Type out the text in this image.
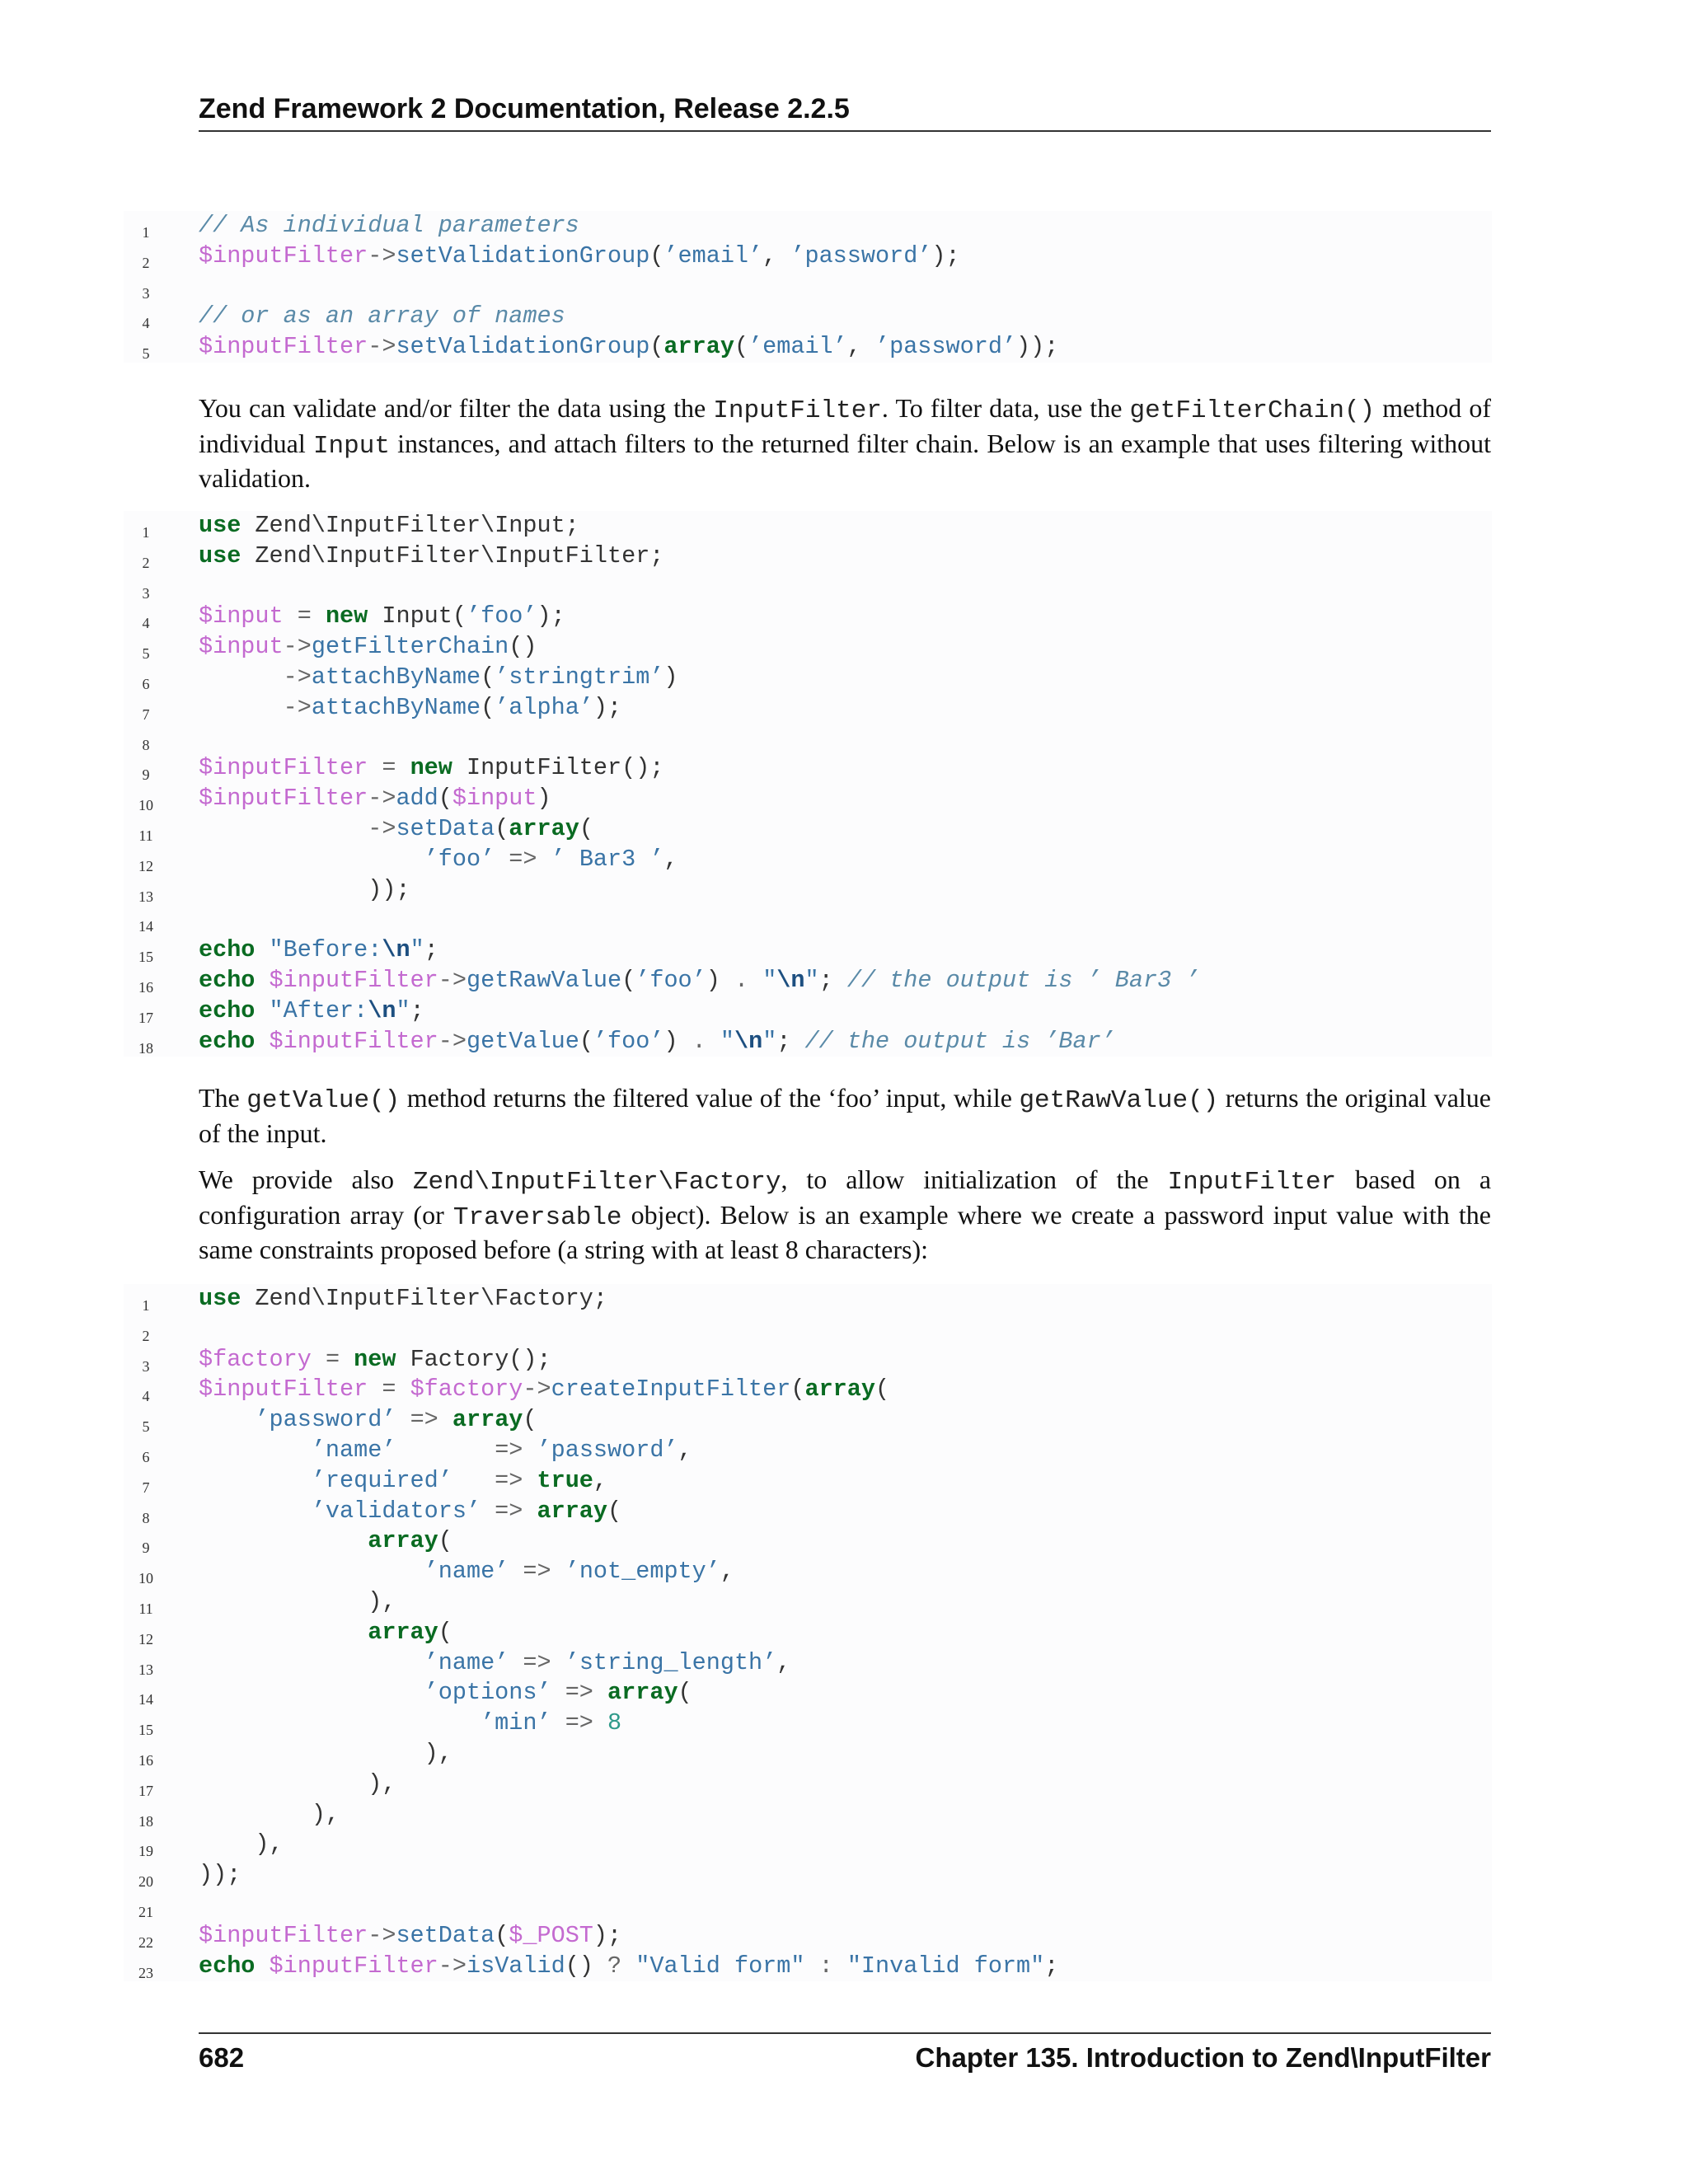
Zend Framework 2 Documentation, Release 2.2.5
1	// As individual parameters
2	$inputFilter->setValidationGroup(’email’, ’password’);
3
4	// or as an array of names
5	$inputFilter->setValidationGroup(array(’email’, ’password’));
You can validate and/or filter the data using the InputFilter. To filter data, use the getFilterChain() method of individual Input instances, and attach filters to the returned filter chain. Below is an example that uses filtering without validation.
1	use Zend\InputFilter\Input;
2	use Zend\InputFilter\InputFilter;
3
4	$input = new Input(’foo’);
5	$input->getFilterChain()
6	->attachByName(’stringtrim’)
7	->attachByName(’alpha’);
8
9	$inputFilter = new InputFilter();
10	$inputFilter->add($input)
11	->setData(array(
12	’foo’ => ’ Bar3 ’,
13	));
14
15	echo "Before:\n";
16	echo $inputFilter->getRawValue(’foo’) . "\n"; // the output is ’ Bar3 ’
17	echo "After:\n";
18	echo $inputFilter->getValue(’foo’) . "\n"; // the output is ’Bar’
The getValue() method returns the filtered value of the ‘foo’ input, while getRawValue() returns the original value of the input.
We provide also Zend\InputFilter\Factory, to allow initialization of the InputFilter based on a configuration array (or Traversable object). Below is an example where we create a password input value with the same constraints proposed before (a string with at least 8 characters):
1	use Zend\InputFilter\Factory;
2
3	$factory = new Factory();
4	$inputFilter = $factory->createInputFilter(array(
5	’password’ => array(
6	’name’	=> ’password’,
7	’required’ => true,
8	’validators’ => array(
9	array(
10	’name’ => ’not_empty’,
11	),
12	array(
13	’name’ => ’string_length’,
14	’options’ => array(
15	’min’ => 8
16	),
17	),
18	),
19	),
20	));
21
22	$inputFilter->setData($_POST);
23	echo $inputFilter->isValid() ? "Valid form" : "Invalid form";
682	Chapter 135. Introduction to Zend\InputFilter
